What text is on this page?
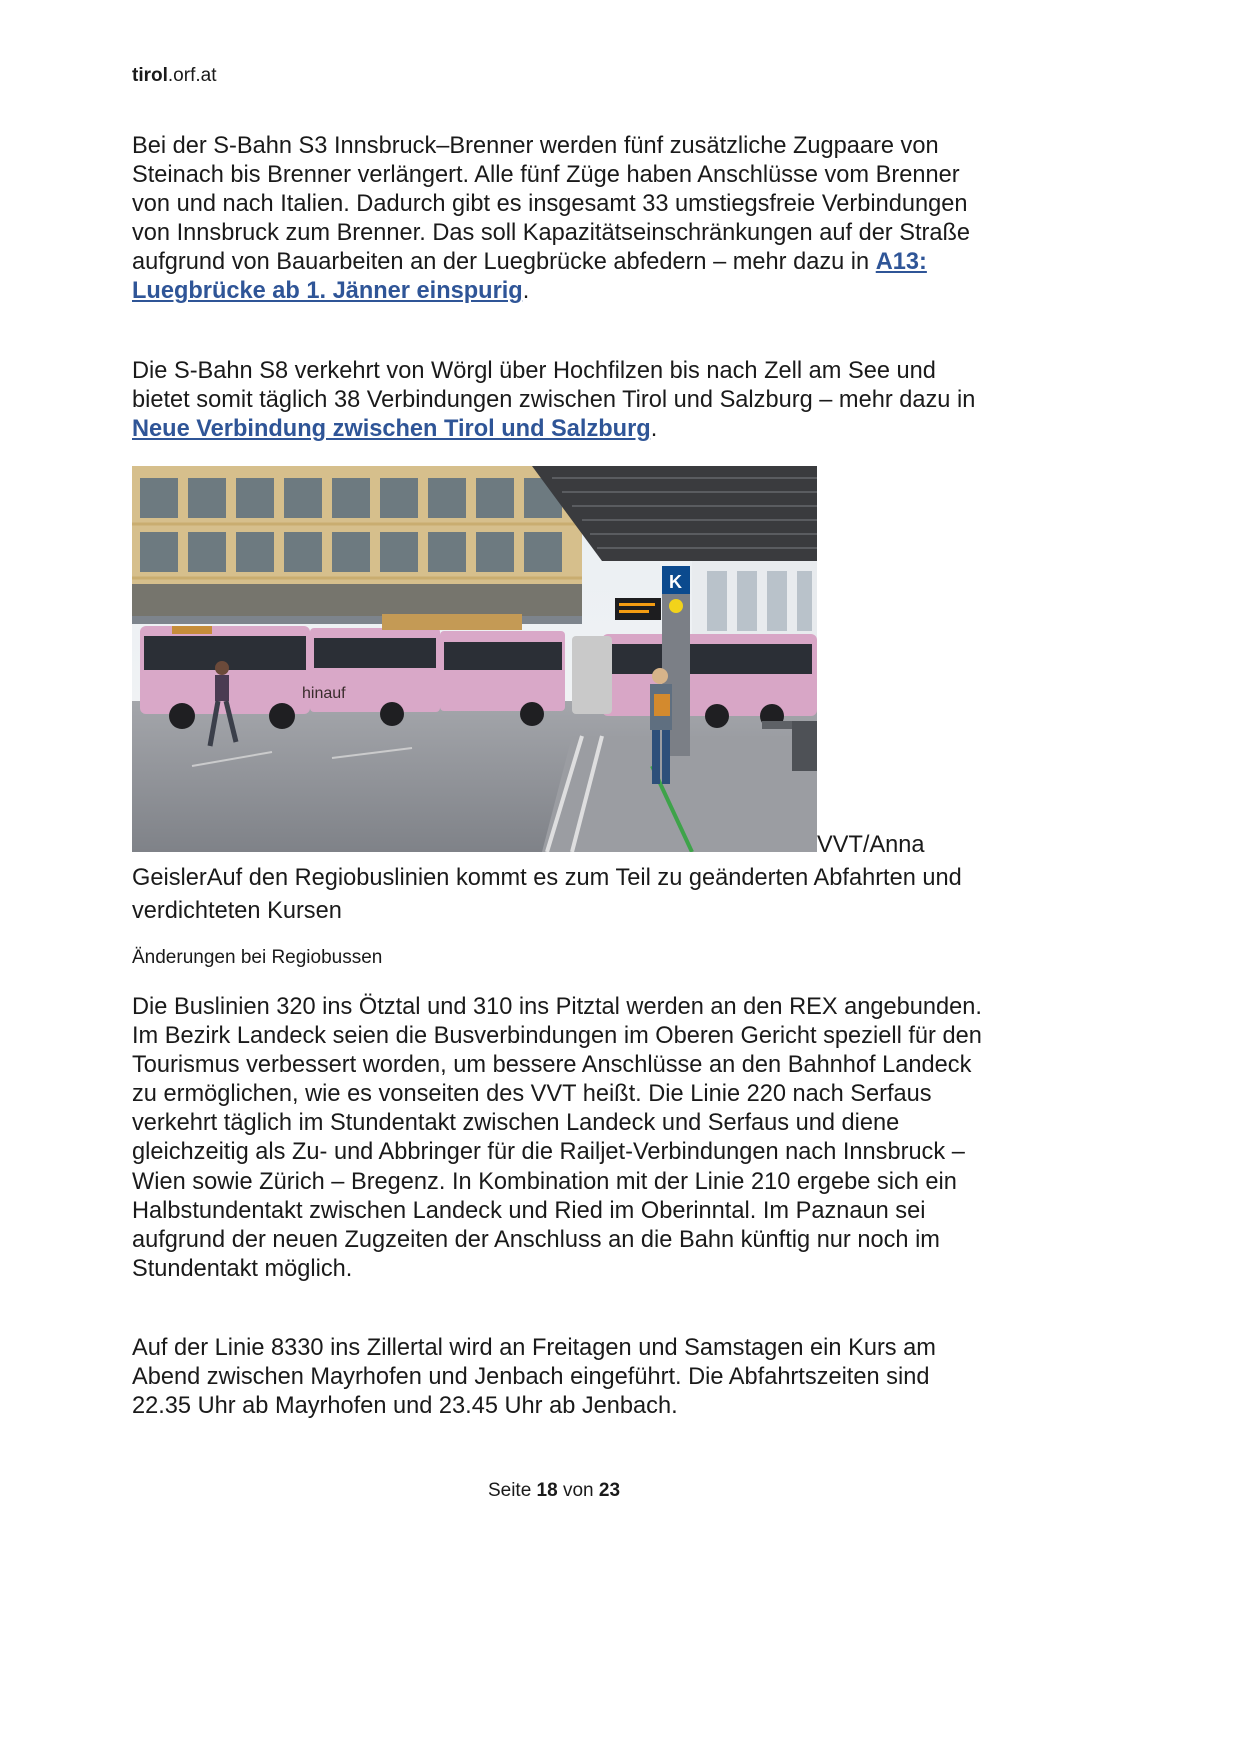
tirol.orf.at

Bei der S-Bahn S3 Innsbruck–Brenner werden fünf zusätzliche Zugpaare von Steinach bis Brenner verlängert. Alle fünf Züge haben Anschlüsse vom Brenner von und nach Italien. Dadurch gibt es insgesamt 33 umstiegsfreie Verbindungen von Innsbruck zum Brenner. Das soll Kapazitätseinschränkungen auf der Straße aufgrund von Bauarbeiten an der Luegbrücke abfedern – mehr dazu in A13: Luegbrücke ab 1. Jänner einspurig.

Die S-Bahn S8 verkehrt von Wörgl über Hochfilzen bis nach Zell am See und bietet somit täglich 38 Verbindungen zwischen Tirol und Salzburg – mehr dazu in Neue Verbindung zwischen Tirol und Salzburg.

hinauf
K

VVT/Anna
GeislerAuf den Regiobuslinien kommt es zum Teil zu geänderten Abfahrten und verdichteten Kursen

Änderungen bei Regiobussen

Die Buslinien 320 ins Ötztal und 310 ins Pitztal werden an den REX angebunden. Im Bezirk Landeck seien die Busverbindungen im Oberen Gericht speziell für den Tourismus verbessert worden, um bessere Anschlüsse an den Bahnhof Landeck zu ermöglichen, wie es vonseiten des VVT heißt. Die Linie 220 nach Serfaus verkehrt täglich im Stundentakt zwischen Landeck und Serfaus und diene gleichzeitig als Zu- und Abbringer für die Railjet-Verbindungen nach Innsbruck – Wien sowie Zürich – Bregenz. In Kombination mit der Linie 210 ergebe sich ein Halbstundentakt zwischen Landeck und Ried im Oberinntal. Im Paznaun sei aufgrund der neuen Zugzeiten der Anschluss an die Bahn künftig nur noch im Stundentakt möglich.

Auf der Linie 8330 ins Zillertal wird an Freitagen und Samstagen ein Kurs am Abend zwischen Mayrhofen und Jenbach eingeführt. Die Abfahrtszeiten sind 22.35 Uhr ab Mayrhofen und 23.45 Uhr ab Jenbach.

Seite 18 von 23
